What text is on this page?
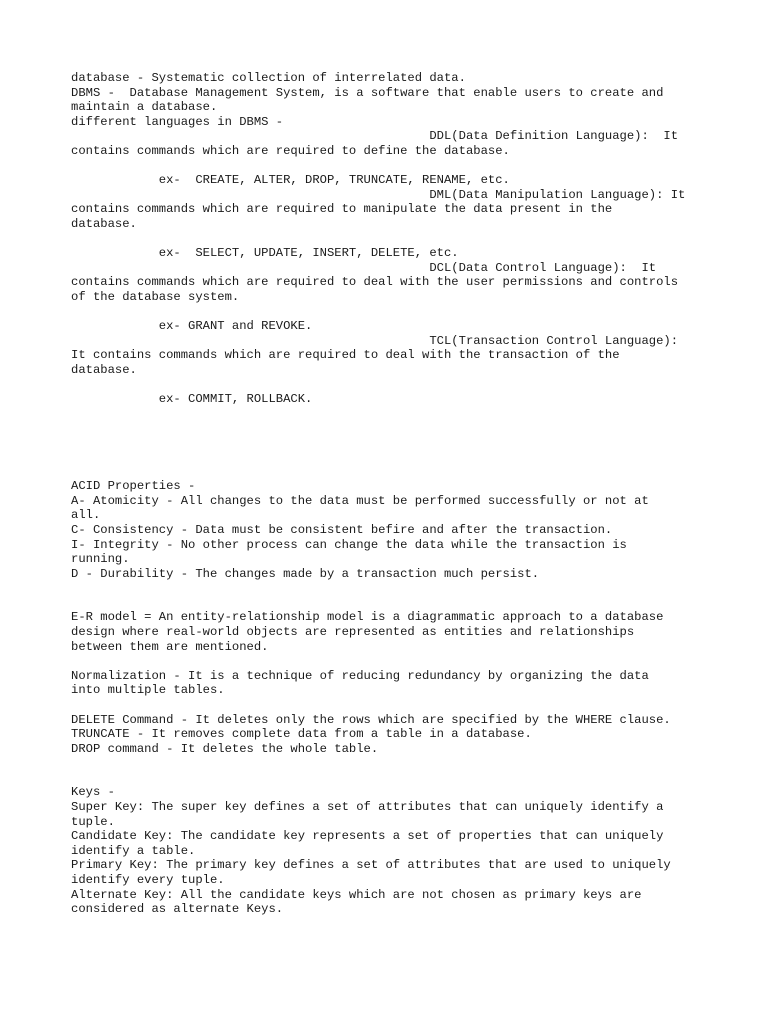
database - Systematic collection of interrelated data.
DBMS -  Database Management System, is a software that enable users to create and
maintain a database.
different languages in DBMS -
DDL(Data Definition Language):  It
contains commands which are required to define the database.
ex-  CREATE, ALTER, DROP, TRUNCATE, RENAME, etc.
DML(Data Manipulation Language): It
contains commands which are required to manipulate the data present in the
database.
ex-  SELECT, UPDATE, INSERT, DELETE, etc.
DCL(Data Control Language):  It
contains commands which are required to deal with the user permissions and controls
of the database system.
ex- GRANT and REVOKE.
TCL(Transaction Control Language):
It contains commands which are required to deal with the transaction of the
database.
ex- COMMIT, ROLLBACK.
ACID Properties -
A- Atomicity - All changes to the data must be performed successfully or not at
all.
C- Consistency - Data must be consistent befire and after the transaction.
I- Integrity - No other process can change the data while the transaction is
running.
D - Durability - The changes made by a transaction much persist.
E-R model = An entity-relationship model is a diagrammatic approach to a database
design where real-world objects are represented as entities and relationships
between them are mentioned.
Normalization - It is a technique of reducing redundancy by organizing the data
into multiple tables.
DELETE Command - It deletes only the rows which are specified by the WHERE clause.
TRUNCATE - It removes complete data from a table in a database.
DROP command - It deletes the whole table.
Keys -
Super Key: The super key defines a set of attributes that can uniquely identify a
tuple.
Candidate Key: The candidate key represents a set of properties that can uniquely
identify a table.
Primary Key: The primary key defines a set of attributes that are used to uniquely
identify every tuple.
Alternate Key: All the candidate keys which are not chosen as primary keys are
considered as alternate Keys.
